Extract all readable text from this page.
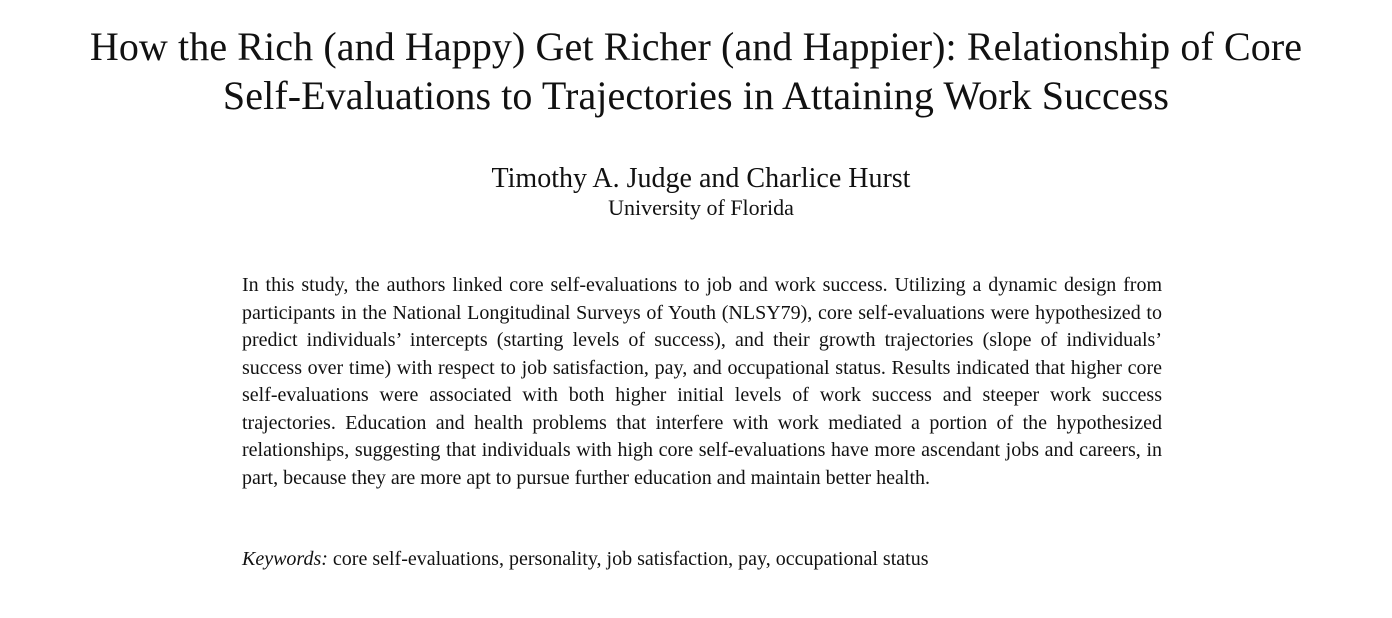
How the Rich (and Happy) Get Richer (and Happier): Relationship of Core
Self-Evaluations to Trajectories in Attaining Work Success

Timothy A. Judge and Charlice Hurst

University of Florida

In this study, the authors linked core self-evaluations to job and work success. Utilizing a dynamic design from participants in the National Longitudinal Surveys of Youth (NLSY79), core self-evaluations were hypothesized to predict individuals’ intercepts (starting levels of success), and their growth trajectories (slope of individuals’ success over time) with respect to job satisfaction, pay, and occupational status. Results indicated that higher core self-evaluations were associated with both higher initial levels of work success and steeper work success trajectories. Education and health problems that interfere with work mediated a portion of the hypothesized relationships, suggesting that individuals with high core self-evaluations have more ascendant jobs and careers, in part, because they are more apt to pursue further education and maintain better health.

Keywords: core self-evaluations, personality, job satisfaction, pay, occupational status
